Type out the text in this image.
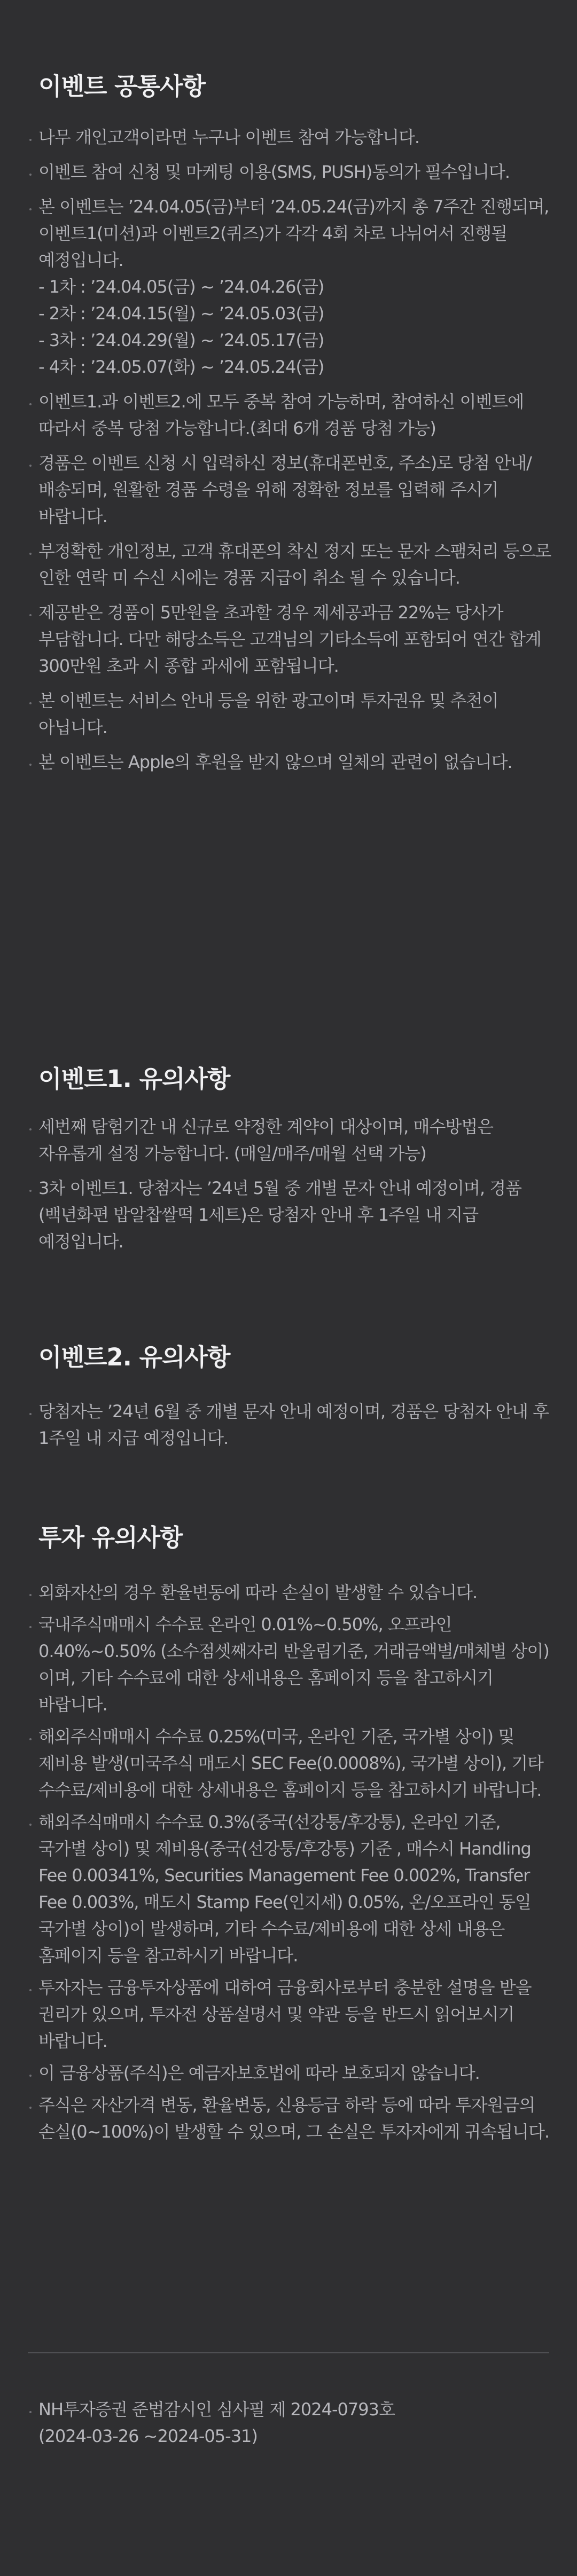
이벤트 공통사항
나무 개인고객이라면 누구나 이벤트 참여 가능합니다.
이벤트 참여 신청 및 마케팅 이용(SMS, PUSH)동의가 필수입니다.
본 이벤트는 ’24.04.05(금)부터 ’24.05.24(금)까지 총 7주간 진행되며, 이벤트1(미션)과 이벤트2(퀴즈)가 각각 4회 차로 나뉘어서 진행될 예정입니다.
- 1차 : ’24.04.05(금) ~ ’24.04.26(금)
- 2차 : ’24.04.15(월) ~ ’24.05.03(금)
- 3차 : ’24.04.29(월) ~ ’24.05.17(금)
- 4차 : ’24.05.07(화) ~ ’24.05.24(금)
이벤트1.과 이벤트2.에 모두 중복 참여 가능하며, 참여하신 이벤트에 따라서 중복 당첨 가능합니다.(최대 6개 경품 당첨 가능)
경품은 이벤트 신청 시 입력하신 정보(휴대폰번호, 주소)로 당첨 안내/배송되며, 원활한 경품 수령을 위해 정확한 정보를 입력해 주시기 바랍니다.
부정확한 개인정보, 고객 휴대폰의 착신 정지 또는 문자 스팸처리 등으로 인한 연락 미 수신 시에는 경품 지급이 취소 될 수 있습니다.
제공받은 경품이 5만원을 초과할 경우 제세공과금 22%는 당사가 부담합니다. 다만 해당소득은 고객님의 기타소득에 포함되어 연간 합계 300만원 초과 시 종합 과세에 포함됩니다.
본 이벤트는 서비스 안내 등을 위한 광고이며 투자권유 및 추천이 아닙니다.
본 이벤트는 Apple의 후원을 받지 않으며 일체의 관련이 없습니다.
이벤트1. 유의사항
세번째 탐험기간 내 신규로 약정한 계약이 대상이며, 매수방법은 자유롭게 설정 가능합니다. (매일/매주/매월 선택 가능)
3차 이벤트1. 당첨자는 ’24년 5월 중 개별 문자 안내 예정이며, 경품(백년화편 밥알찹쌀떡 1세트)은 당첨자 안내 후 1주일 내 지급 예정입니다.
이벤트2. 유의사항
당첨자는 ’24년 6월 중 개별 문자 안내 예정이며, 경품은 당첨자 안내 후 1주일 내 지급 예정입니다.
투자 유의사항
외화자산의 경우 환율변동에 따라 손실이 발생할 수 있습니다.
국내주식매매시 수수료 온라인 0.01%~0.50%, 오프라인 0.40%~0.50% (소수점셋째자리 반올림기준, 거래금액별/매체별 상이)이며, 기타 수수료에 대한 상세내용은 홈페이지 등을 참고하시기 바랍니다.
해외주식매매시 수수료 0.25%(미국, 온라인 기준, 국가별 상이) 및 제비용 발생(미국주식 매도시 SEC Fee(0.0008%), 국가별 상이), 기타 수수료/제비용에 대한 상세내용은 홈페이지 등을 참고하시기 바랍니다.
해외주식매매시 수수료 0.3%(중국(선강퉁/후강퉁), 온라인 기준, 국가별 상이) 및 제비용(중국(선강퉁/후강퉁) 기준 , 매수시 Handling Fee 0.00341%, Securities Management Fee 0.002%, Transfer Fee 0.003%, 매도시 Stamp Fee(인지세) 0.05%, 온/오프라인 동일 국가별 상이)이 발생하며, 기타 수수료/제비용에 대한 상세 내용은 홈페이지 등을 참고하시기 바랍니다.
투자자는 금융투자상품에 대하여 금융회사로부터 충분한 설명을 받을 권리가 있으며, 투자전 상품설명서 및 약관 등을 반드시 읽어보시기 바랍니다.
이 금융상품(주식)은 예금자보호법에 따라 보호되지 않습니다.
주식은 자산가격 변동, 환율변동, 신용등급 하락 등에 따라 투자원금의 손실(0~100%)이 발생할 수 있으며, 그 손실은 투자자에게 귀속됩니다.
NH투자증권 준법감시인 심사필 제 2024-0793호
(2024-03-26 ~2024-05-31)
